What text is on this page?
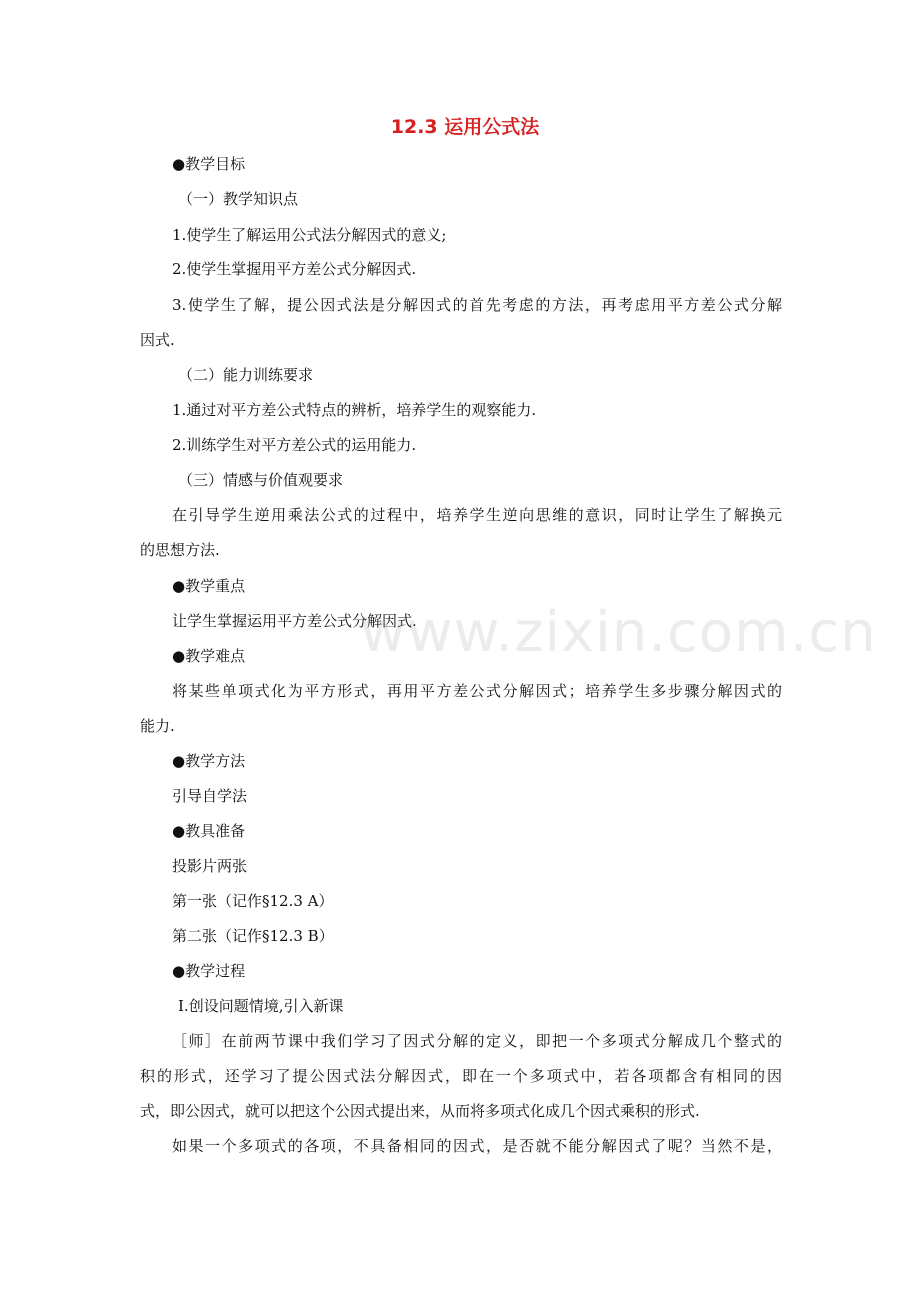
12.3 运用公式法

●教学目标

（一）教学知识点

1.使学生了解运用公式法分解因式的意义;

2.使学生掌握用平方差公式分解因式.

3.使学生了解，提公因式法是分解因式的首先考虑的方法，再考虑用平方差公式分解

因式.

（二）能力训练要求

1.通过对平方差公式特点的辨析，培养学生的观察能力.

2.训练学生对平方差公式的运用能力.

（三）情感与价值观要求

在引导学生逆用乘法公式的过程中，培养学生逆向思维的意识，同时让学生了解换元

的思想方法.

●教学重点

让学生掌握运用平方差公式分解因式.

●教学难点

将某些单项式化为平方形式，再用平方差公式分解因式；培养学生多步骤分解因式的

能力.

●教学方法

引导自学法

●教具准备

投影片两张

第一张（记作§12.3 A）

第二张（记作§12.3 B）

●教学过程

Ⅰ.创设问题情境,引入新课

［师］在前两节课中我们学习了因式分解的定义，即把一个多项式分解成几个整式的

积的形式，还学习了提公因式法分解因式，即在一个多项式中，若各项都含有相同的因

式，即公因式，就可以把这个公因式提出来，从而将多项式化成几个因式乘积的形式.

如果一个多项式的各项，不具备相同的因式，是否就不能分解因式了呢？当然不是，

www.zixin.com.cn
